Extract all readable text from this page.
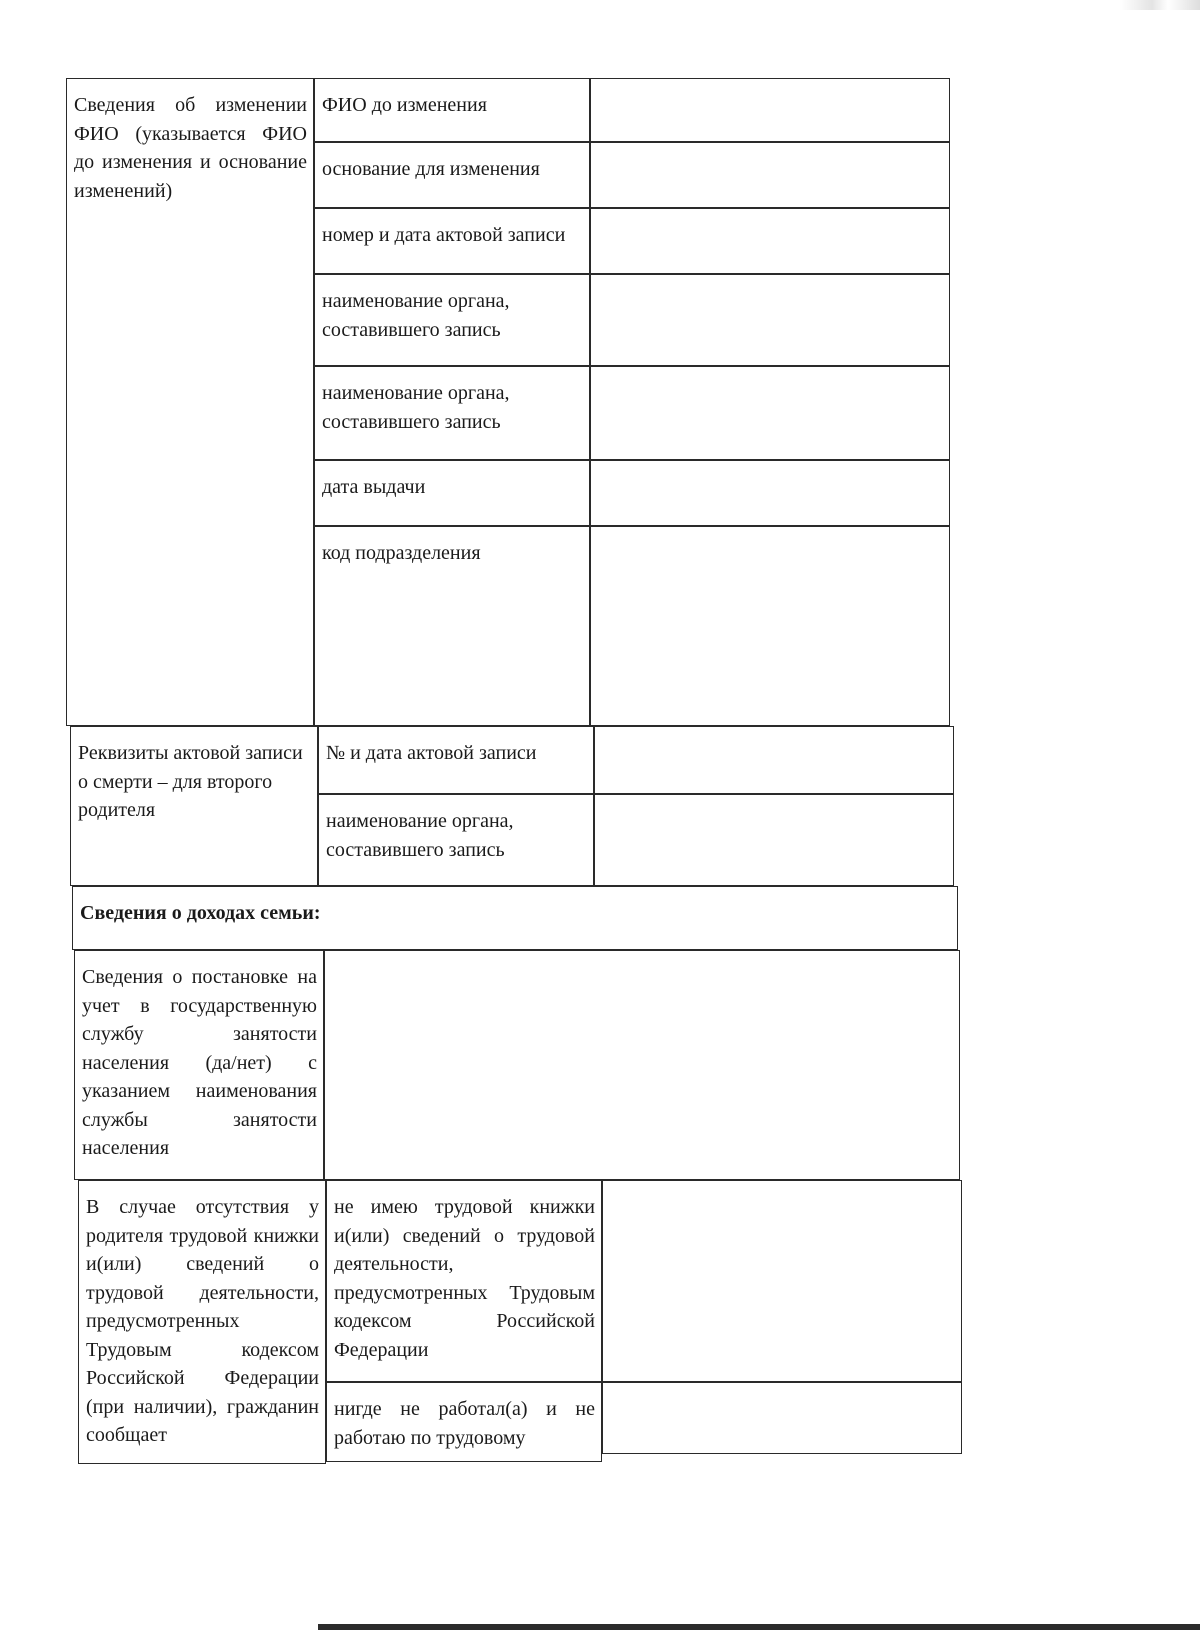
Сведения об изменении ФИО (указывается ФИО до изменения и основание изменений)
ФИО до изменения
основание для изменения
номер и дата актовой записи
наименование органа, составившего запись
наименование органа, составившего запись
дата выдачи
код подразделения
Реквизиты актовой записи о смерти – для второго родителя
№ и дата актовой записи
наименование органа, составившего запись
Сведения о доходах семьи:
Сведения о постановке на учет в государственную службу занятости населения (да/нет) с указанием наименования службы занятости населения
В случае отсутствия у родителя трудовой книжки и(или) сведений о трудовой деятельности, предусмотренных Трудовым кодексом Российской Федерации (при наличии), гражданин сообщает
не имею трудовой книжки и(или) сведений о трудовой деятельности, предусмотренных Трудовым кодексом Российской Федерации
нигде не работал(а) и не работаю по трудовому
